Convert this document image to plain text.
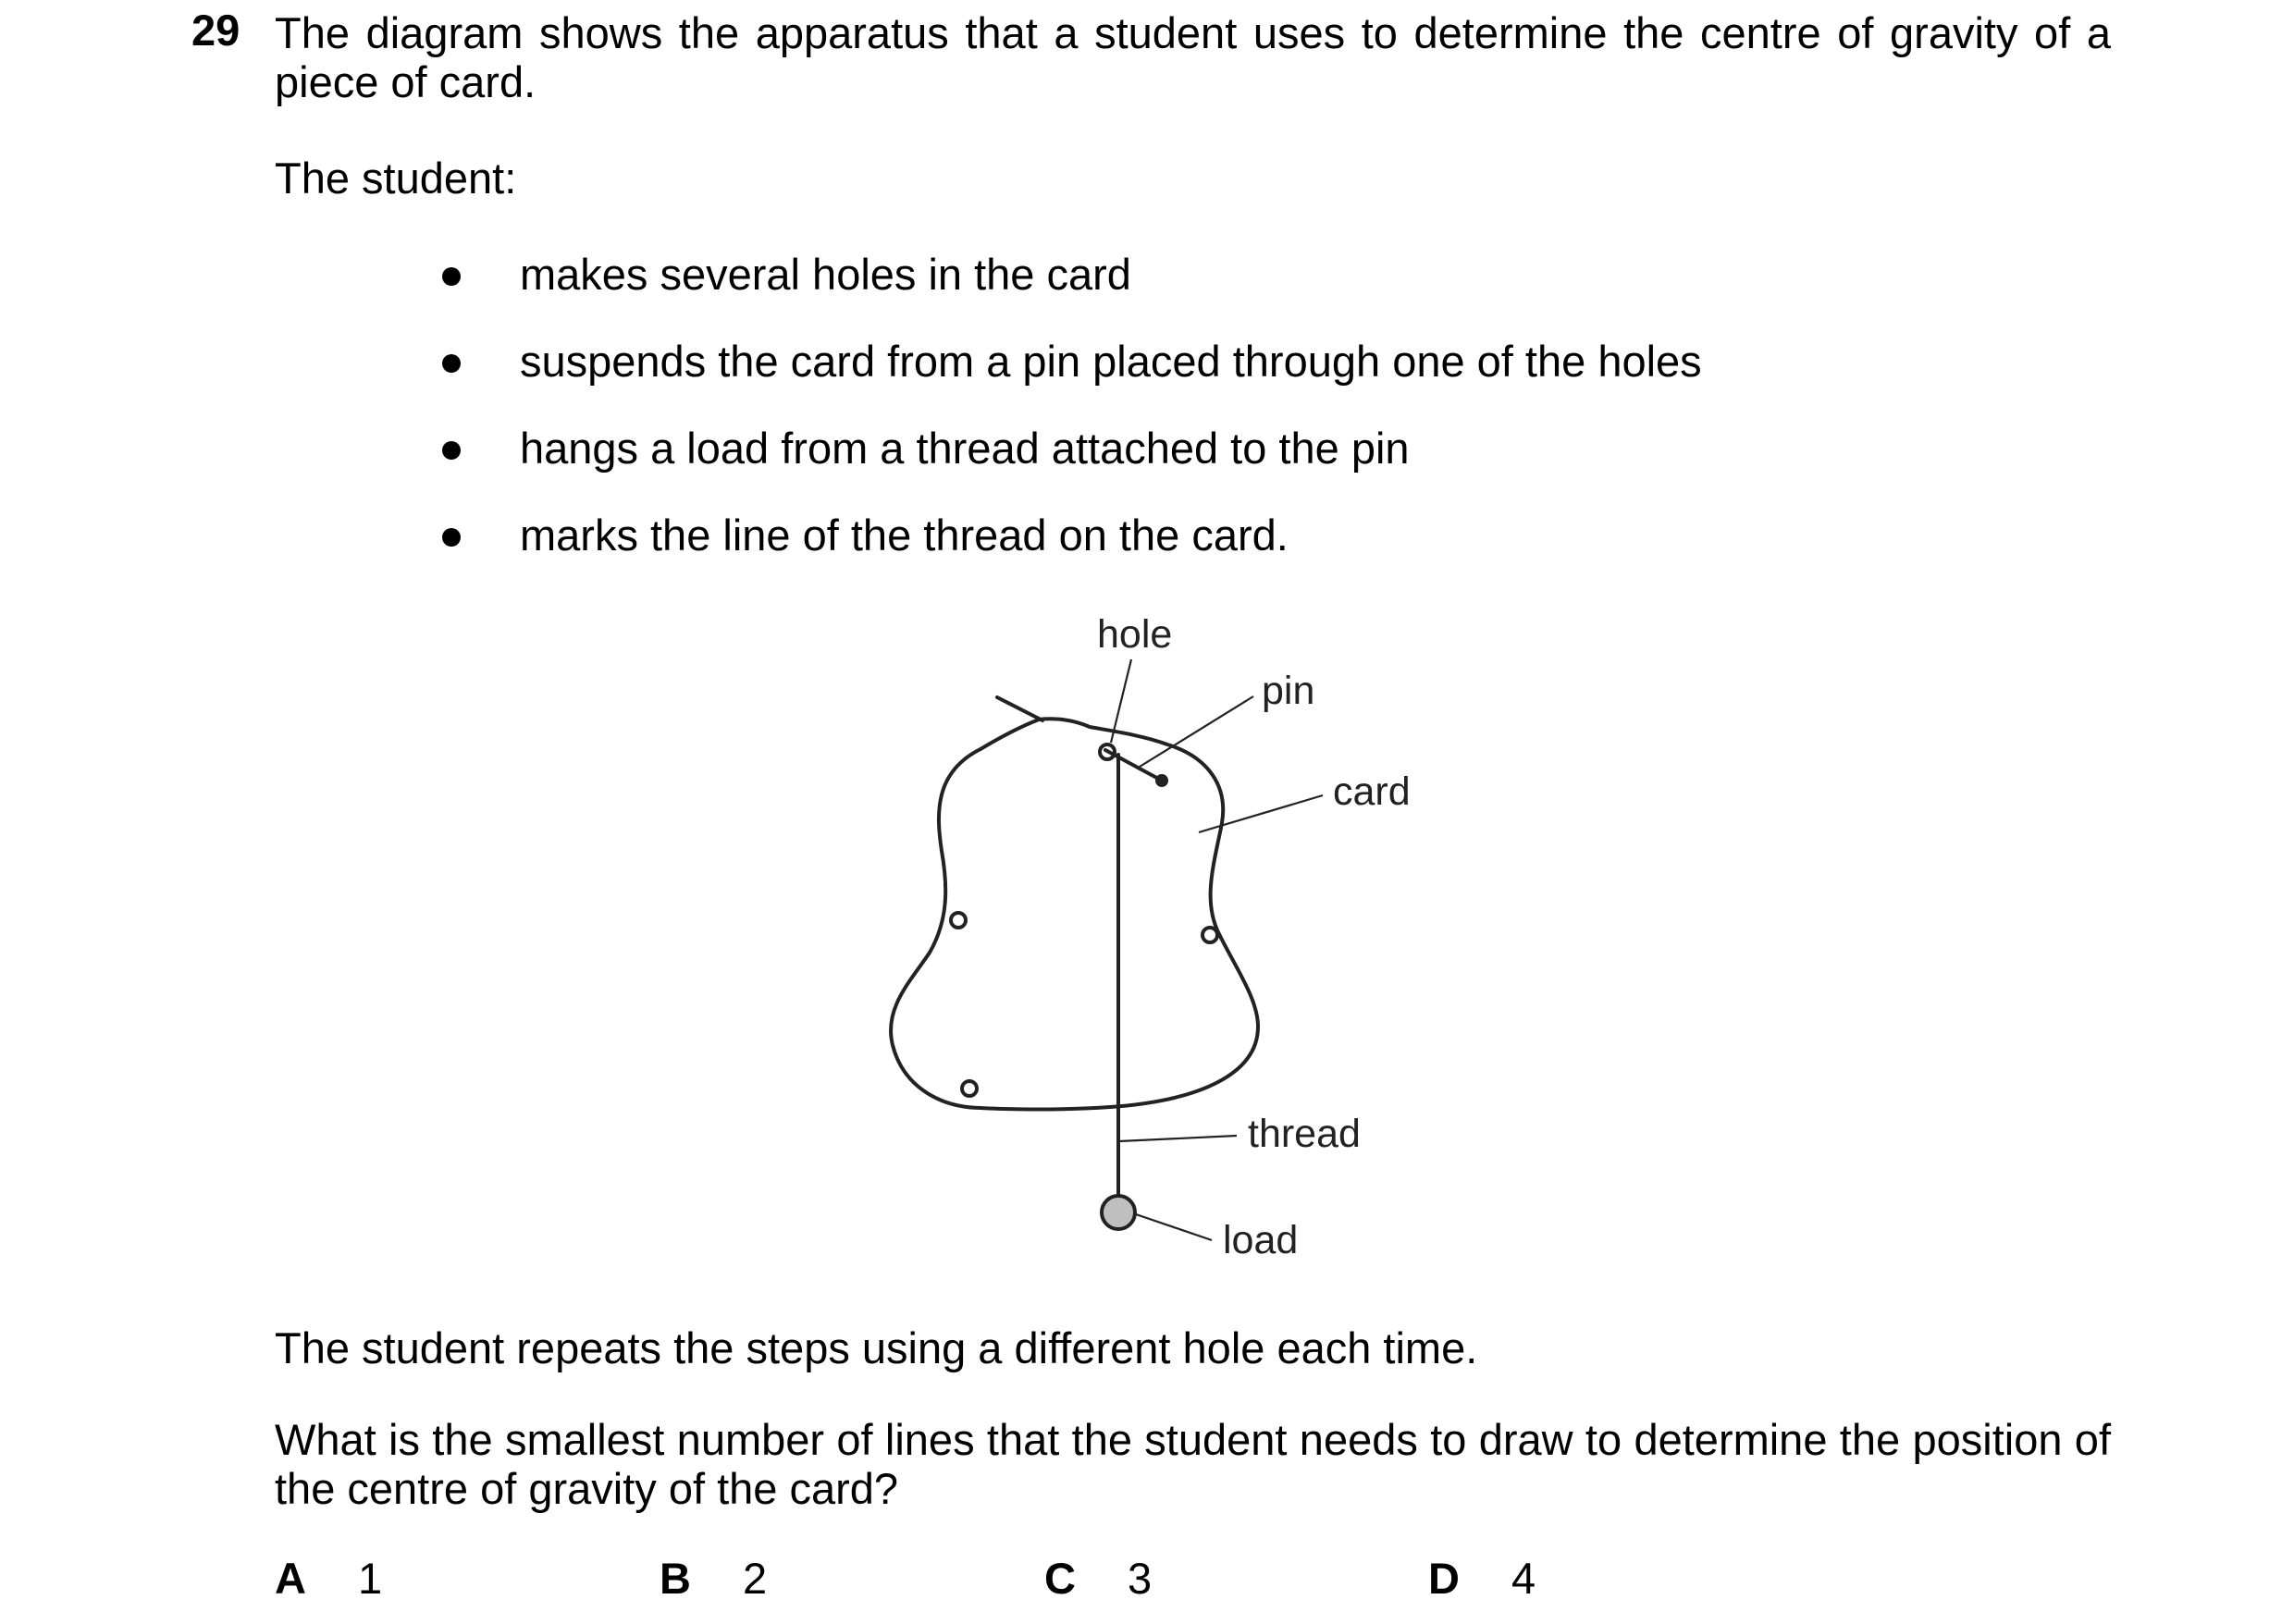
29 The diagram shows the apparatus that a student uses to determine the centre of gravity of a piece of card.
The student:
makes several holes in the card
suspends the card from a pin placed through one of the holes
hangs a load from a thread attached to the pin
marks the line of the thread on the card.
hole
pin
card
thread
load
The student repeats the steps using a different hole each time.
What is the smallest number of lines that the student needs to draw to determine the position of the centre of gravity of the card?
A 1	B 2	C 3	D 4
